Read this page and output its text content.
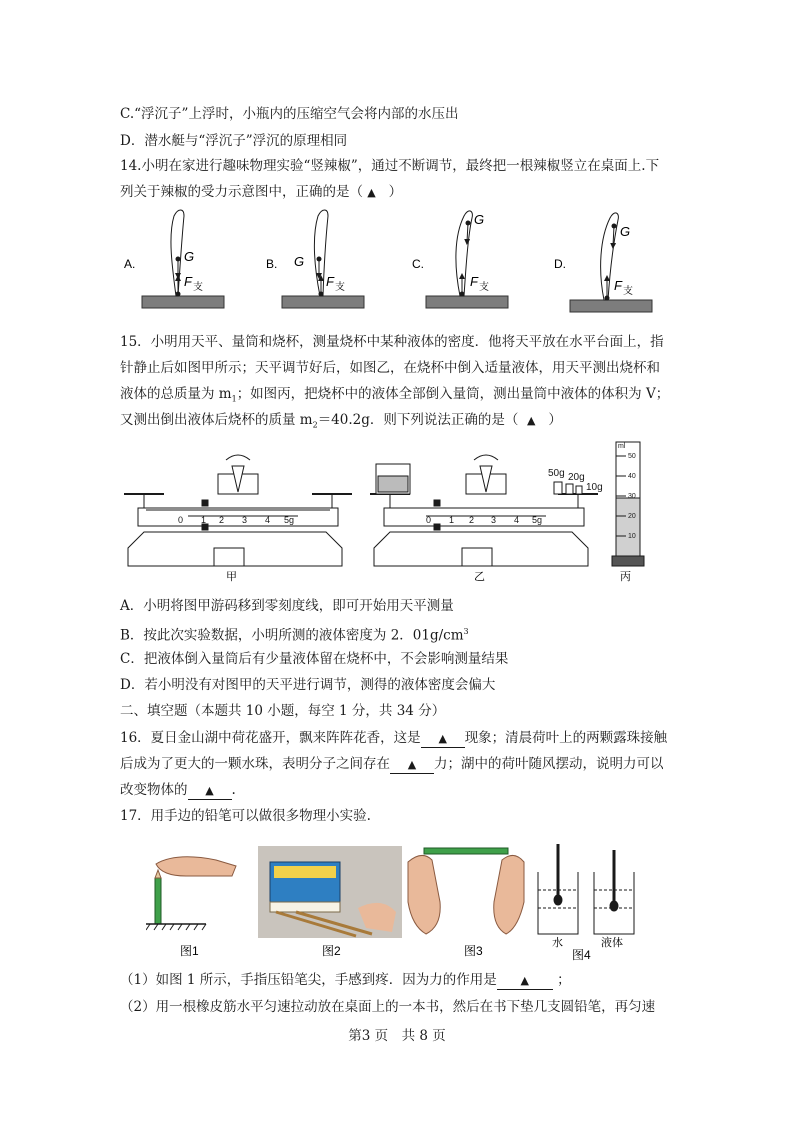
C.“浮沉子”上浮时，小瓶内的压缩空气会将内部的水压出
D．潜水艇与“浮沉子”浮沉的原理相同
14.小明在家进行趣味物理实验“竖辣椒”，通过不断调节，最终把一根辣椒竖立在桌面上.下
列关于辣椒的受力示意图中，正确的是（ ▲ ）
A.	G
F 支
B. G
F 支
C.
G
F 支
D.
G
F 支
15．小明用天平、量筒和烧杯，测量烧杯中某种液体的密度．他将天平放在水平台面上，指
针静止后如图甲所示；天平调节好后，如图乙，在烧杯中倒入适量液体，用天平测出烧杯和
液体的总质量为 $m_1$；如图丙，把烧杯中的液体全部倒入量筒，测出量筒中液体的体积为 V；
又测出倒出液体后烧杯的质量 $m_2=40.2g$．则下列说法正确的是（ ▲ ）
0 1 2 3 4 5g
甲
0 1 2 3 4 5g
50g 20g
10g
乙
ml
50
40
30
20
10
丙
A．小明将图甲游码移到零刻度线，即可开始用天平测量
B．按此次实验数据，小明所测的液体密度为 2．$01g/cm^3$
C．把液体倒入量筒后有少量液体留在烧杯中，不会影响测量结果
D．若小明没有对图甲的天平进行调节，测得的液体密度会偏大
二、填空题（本题共 10 小题，每空 1 分，共 34 分）
16．夏日金山湖中荷花盛开，飘来阵阵花香，这是 ▲ 现象；清晨荷叶上的两颗露珠接触
后成为了更大的一颗水珠，表明分子之间存在 ▲ 力；湖中的荷叶随风摆动，说明力可以
改变物体的 ▲ .
17．用手边的铅笔可以做很多物理小实验.
图1	图2	图3
水	液体
图4
（1）如图 1 所示，手指压铅笔尖，手感到疼．因为力的作用是 ▲ ；
（2）用一根橡皮筋水平匀速拉动放在桌面上的一本书，然后在书下垫几支圆铅笔，再匀速
第3 页　共 8 页
